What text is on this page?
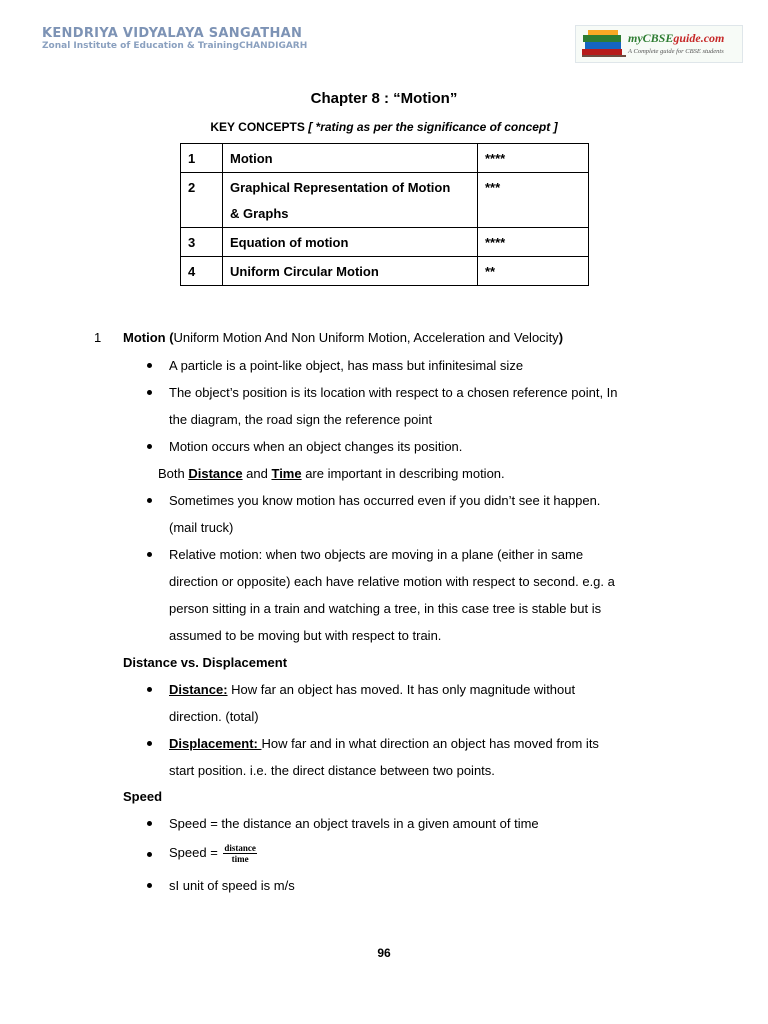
KENDRIYA VIDYALAYA SANGATHAN
Zonal Institute of Education & TrainingCHANDIGARH
myCBSEguide.com
A Complete guide for CBSE students
Chapter 8 : “Motion”
KEY CONCEPTS [ *rating as per the significance of concept ]
1	Motion	****
2	Graphical Representation of Motion
& Graphs	***
3	Equation of motion	****
4	Uniform Circular Motion	**
1 Motion (Uniform Motion And Non Uniform Motion, Acceleration and Velocity)
A particle is a point-like object, has mass but infinitesimal size
The object’s position is its location with respect to a chosen reference point, In
the diagram, the road sign the reference point
Motion occurs when an object changes its position.
Both Distance and Time are important in describing motion.
Sometimes you know motion has occurred even if you didn’t see it happen.
(mail truck)
Relative motion: when two objects are moving in a plane (either in same
direction or opposite) each have relative motion with respect to second. e.g. a
person sitting in a train and watching a tree, in this case tree is stable but is
assumed to be moving but with respect to train.
Distance vs. Displacement
Distance: How far an object has moved. It has only magnitude without
direction. (total)
Displacement: How far and in what direction an object has moved from its
start position. i.e. the direct distance between two points.
Speed
Speed = the distance an object travels in a given amount of time
Speed = $\frac{\text{distance}}{\text{time}}$
sI unit of speed is m/s
96
